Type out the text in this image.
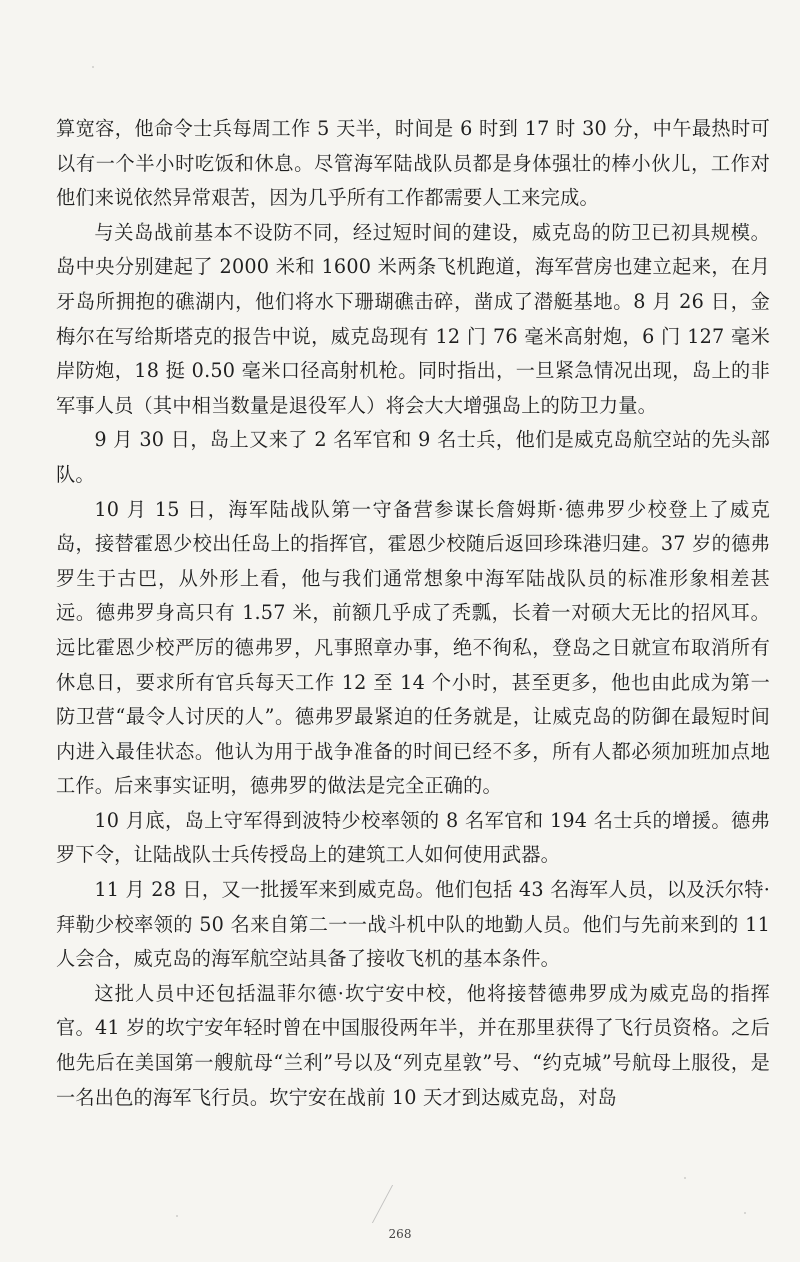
算宽容，他命令士兵每周工作 5 天半，时间是 6 时到 17 时 30 分，中午最热时可以有一个半小时吃饭和休息。尽管海军陆战队员都是身体强壮的棒小伙儿，工作对他们来说依然异常艰苦，因为几乎所有工作都需要人工来完成。

与关岛战前基本不设防不同，经过短时间的建设，威克岛的防卫已初具规模。岛中央分别建起了 2000 米和 1600 米两条飞机跑道，海军营房也建立起来，在月牙岛所拥抱的礁湖内，他们将水下珊瑚礁击碎，凿成了潜艇基地。8 月 26 日，金梅尔在写给斯塔克的报告中说，威克岛现有 12 门 76 毫米高射炮，6 门 127 毫米岸防炮，18 挺 0.50 毫米口径高射机枪。同时指出，一旦紧急情况出现，岛上的非军事人员（其中相当数量是退役军人）将会大大增强岛上的防卫力量。

9 月 30 日，岛上又来了 2 名军官和 9 名士兵，他们是威克岛航空站的先头部队。

10 月 15 日，海军陆战队第一守备营参谋长詹姆斯·德弗罗少校登上了威克岛，接替霍恩少校出任岛上的指挥官，霍恩少校随后返回珍珠港归建。37 岁的德弗罗生于古巴，从外形上看，他与我们通常想象中海军陆战队员的标准形象相差甚远。德弗罗身高只有 1.57 米，前额几乎成了秃瓢，长着一对硕大无比的招风耳。远比霍恩少校严厉的德弗罗，凡事照章办事，绝不徇私，登岛之日就宣布取消所有休息日，要求所有官兵每天工作 12 至 14 个小时，甚至更多，他也由此成为第一防卫营“最令人讨厌的人”。德弗罗最紧迫的任务就是，让威克岛的防御在最短时间内进入最佳状态。他认为用于战争准备的时间已经不多，所有人都必须加班加点地工作。后来事实证明，德弗罗的做法是完全正确的。

10 月底，岛上守军得到波特少校率领的 8 名军官和 194 名士兵的增援。德弗罗下令，让陆战队士兵传授岛上的建筑工人如何使用武器。

11 月 28 日，又一批援军来到威克岛。他们包括 43 名海军人员，以及沃尔特·拜勒少校率领的 50 名来自第二一一战斗机中队的地勤人员。他们与先前来到的 11 人会合，威克岛的海军航空站具备了接收飞机的基本条件。

这批人员中还包括温菲尔德·坎宁安中校，他将接替德弗罗成为威克岛的指挥官。41 岁的坎宁安年轻时曾在中国服役两年半，并在那里获得了飞行员资格。之后他先后在美国第一艘航母“兰利”号以及“列克星敦”号、“约克城”号航母上服役，是一名出色的海军飞行员。坎宁安在战前 10 天才到达威克岛，对岛

268
